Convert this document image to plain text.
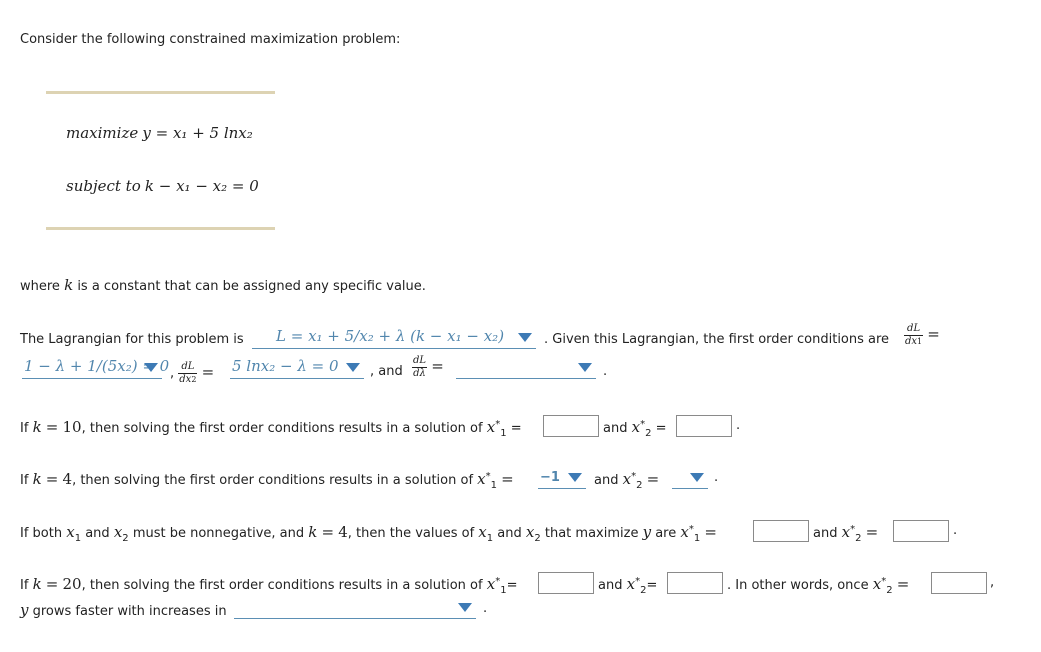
Consider the following constrained maximization problem:
maximize y = x₁ + 5 lnx₂
subject to k − x₁ − x₂ = 0
where k is a constant that can be assigned any specific value.
The Lagrangian for this problem is L = x₁ + 5/x₂ + λ (k − x₁ − x₂)	. Given this Lagrangian, the first order conditions are $\frac{dL}{dx1}$ =
1 − λ + 1/(5x₂) = 0 , $\frac{dL}{dx2} = 5$ lnx₂ − λ = 0 , and $\frac{dL}{d\lambda}$ =	.
If k = 10, then solving the first order conditions results in a solution of $x^*_1$ =	and $x^*_2$ =	.
If k = 4, then solving the first order conditions results in a solution of $x^*_1 = -1$	and $x^*_2$ =	.
If both $x_1$ and $x_2$ must be nonnegative, and k = 4, then the values of $x_1$ and $x_2$ that maximize y are $x^*_1$ =	and $x^*_2$ =	.
If k = 20, then solving the first order conditions results in a solution of $x^*_1=$	and $x^*_2=$	. In other words, once $x^*_2$ =	,
y grows faster with increases in	.
